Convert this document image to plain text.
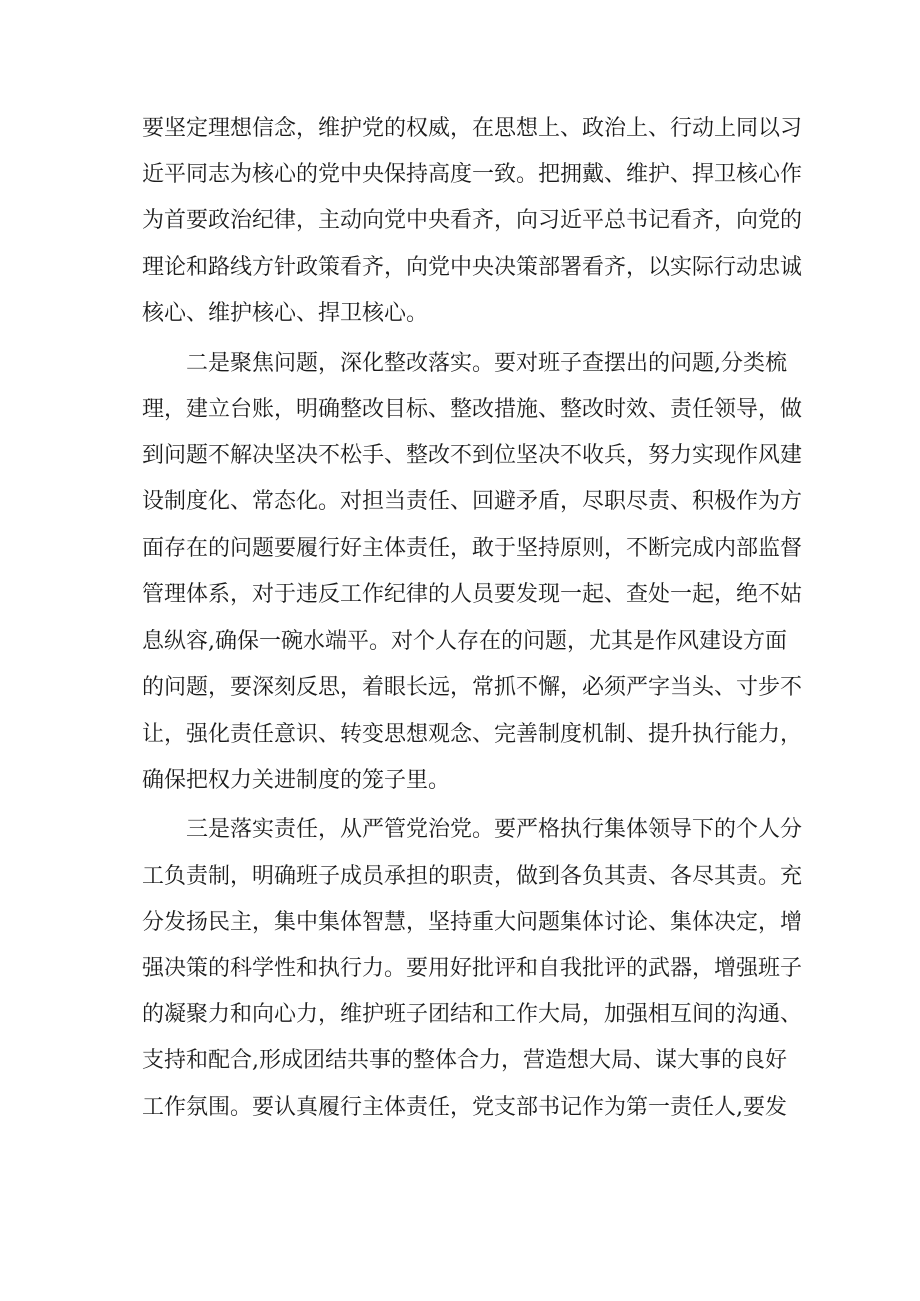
要坚定理想信念，维护党的权威，在思想上、政治上、行动上同以习
近平同志为核心的党中央保持高度一致。把拥戴、维护、捍卫核心作
为首要政治纪律，主动向党中央看齐，向习近平总书记看齐，向党的
理论和路线方针政策看齐，向党中央决策部署看齐，以实际行动忠诚
核心、维护核心、捍卫核心。
二是聚焦问题，深化整改落实。要对班子查摆出的问题,分类梳
理，建立台账，明确整改目标、整改措施、整改时效、责任领导，做
到问题不解决坚决不松手、整改不到位坚决不收兵，努力实现作风建
设制度化、常态化。对担当责任、回避矛盾，尽职尽责、积极作为方
面存在的问题要履行好主体责任，敢于坚持原则，不断完成内部监督
管理体系，对于违反工作纪律的人员要发现一起、查处一起，绝不姑
息纵容,确保一碗水端平。对个人存在的问题，尤其是作风建设方面
的问题，要深刻反思，着眼长远，常抓不懈，必须严字当头、寸步不
让，强化责任意识、转变思想观念、完善制度机制、提升执行能力，
确保把权力关进制度的笼子里。
三是落实责任，从严管党治党。要严格执行集体领导下的个人分
工负责制，明确班子成员承担的职责，做到各负其责、各尽其责。充
分发扬民主，集中集体智慧，坚持重大问题集体讨论、集体决定，增
强决策的科学性和执行力。要用好批评和自我批评的武器，增强班子
的凝聚力和向心力，维护班子团结和工作大局，加强相互间的沟通、
支持和配合,形成团结共事的整体合力，营造想大局、谋大事的良好
工作氛围。要认真履行主体责任，党支部书记作为第一责任人,要发
